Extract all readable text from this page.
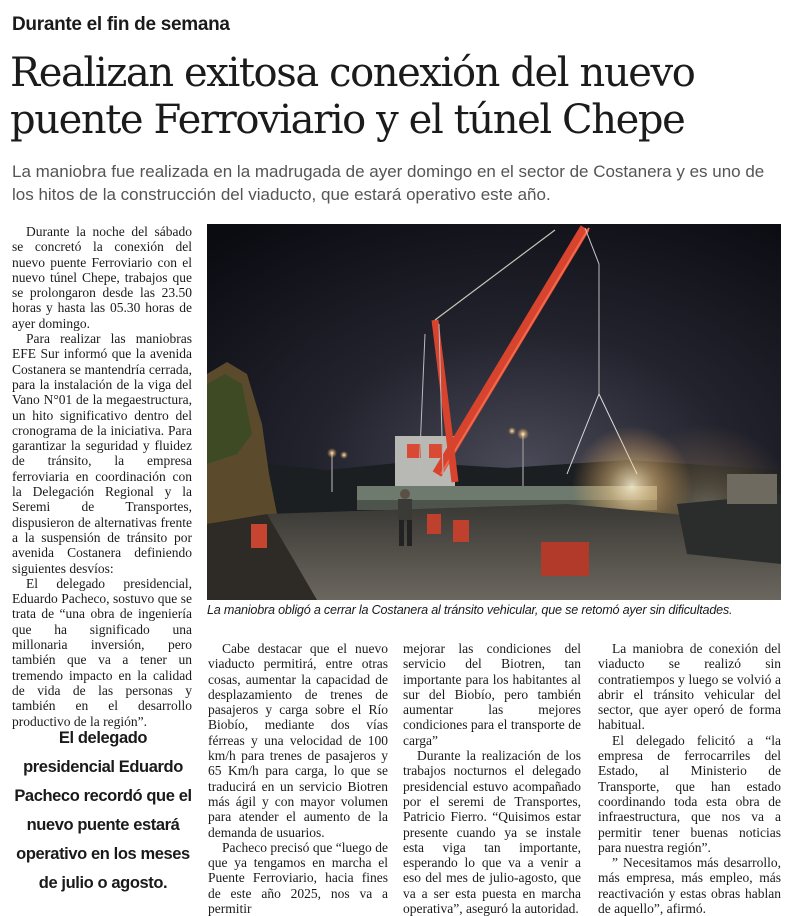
Durante el fin de semana
Realizan exitosa conexión del nuevo
puente Ferroviario y el túnel Chepe
La maniobra fue realizada en la madrugada de ayer domingo en el sector de Costanera y es uno de los hitos de la construcción del viaducto, que estará operativo este año.

Durante la noche del sábado se concretó la conexión del nuevo puente Ferroviario con el nuevo túnel Chepe, trabajos que se prolongaron desde las 23.50 horas y hasta las 05.30 horas de ayer domingo.

Para realizar las maniobras EFE Sur informó que la avenida Costanera se mantendría cerrada, para la instalación de la viga del Vano N°01 de la megaestructura, un hito significativo dentro del cronograma de la iniciativa. Para garantizar la seguridad y fluidez de tránsito, la empresa ferroviaria en coordinación con la Delegación Regional y la Seremi de Transportes, dispusieron de alternativas frente a la suspensión de tránsito por avenida Costanera definiendo siguientes desvíos:

El delegado presidencial, Eduardo Pacheco, sostuvo que se trata de “una obra de ingeniería que ha significado una millonaria inversión, pero también que va a tener un tremendo impacto en la calidad de vida de las personas y también en el desarrollo productivo de la región”.

El delegado presidencial Eduardo Pacheco recordó que el nuevo puente estará operativo en los meses de julio o agosto.
La maniobra obligó a cerrar la Costanera al tránsito vehicular, que se retomó ayer sin dificultades.

Cabe destacar que el nuevo viaducto permitirá, entre otras cosas, aumentar la capacidad de desplazamiento de trenes de pasajeros y carga sobre el Río Biobío, mediante dos vías férreas y una velocidad de 100 km/h para trenes de pasajeros y 65 Km/h para carga, lo que se traducirá en un servicio Biotren más ágil y con mayor volumen para atender el aumento de la demanda de usuarios.

Pacheco precisó que “luego de que ya tengamos en marcha el Puente Ferroviario, hacia fines de este año 2025, nos va a permitir

mejorar las condiciones del servicio del Biotren, tan importante para los habitantes al sur del Biobío, pero también aumentar las mejores condiciones para el transporte de carga”

Durante la realización de los trabajos nocturnos el delegado presidencial estuvo acompañado por el seremi de Transportes, Patricio Fierro. “Quisimos estar presente cuando ya se instale esta viga tan importante, esperando lo que va a venir a eso del mes de julio-agosto, que va a ser esta puesta en marcha operativa”, aseguró la autoridad.

La maniobra de conexión del viaducto se realizó sin contratiempos y luego se volvió a abrir el tránsito vehicular del sector, que ayer operó de forma habitual.

El delegado felicitó a “la empresa de ferrocarriles del Estado, al Ministerio de Transporte, que han estado coordinando toda esta obra de infraestructura, que nos va a permitir tener buenas noticias para nuestra región”.

” Necesitamos más desarrollo, más empresa, más empleo, más reactivación y estas obras hablan de aquello”, afirmó.
